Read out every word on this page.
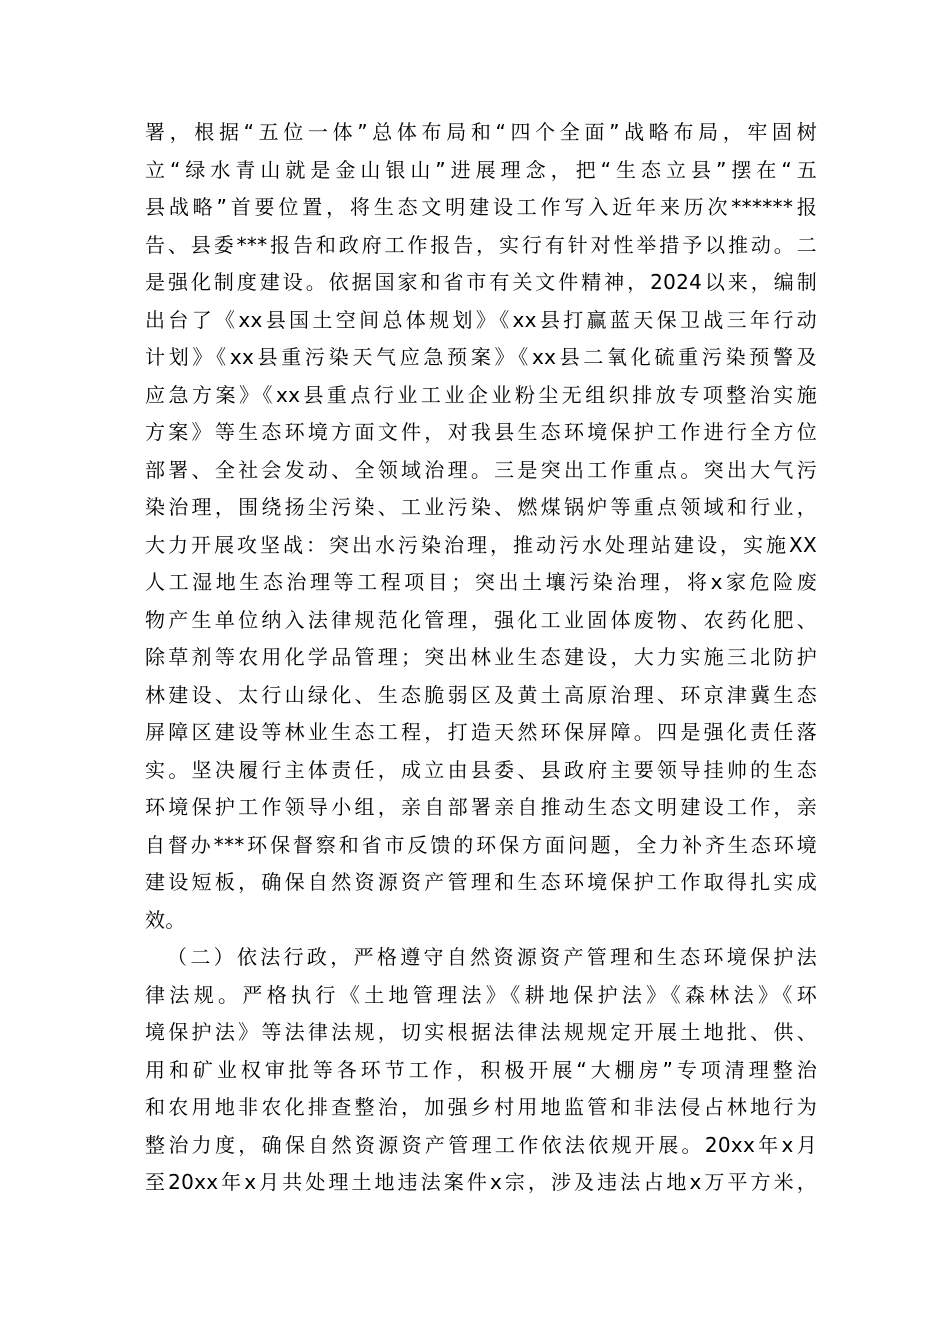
署，根据“五位一体”总体布局和“四个全面”战略布局，牢固树
立“绿水青山就是金山银山”进展理念，把“生态立县”摆在“五
县战略”首要位置，将生态文明建设工作写入近年来历次******报
告、县委***报告和政府工作报告，实行有针对性举措予以推动。二
是强化制度建设。依据国家和省市有关文件精神，2024以来，编制
出台了《xx县国土空间总体规划》《xx县打赢蓝天保卫战三年行动
计划》《xx县重污染天气应急预案》《xx县二氧化硫重污染预警及
应急方案》《xx县重点行业工业企业粉尘无组织排放专项整治实施
方案》等生态环境方面文件，对我县生态环境保护工作进行全方位
部署、全社会发动、全领域治理。三是突出工作重点。突出大气污
染治理，围绕扬尘污染、工业污染、燃煤锅炉等重点领域和行业，
大力开展攻坚战：突出水污染治理，推动污水处理站建设，实施XX
人工湿地生态治理等工程项目；突出土壤污染治理，将x家危险废
物产生单位纳入法律规范化管理，强化工业固体废物、农药化肥、
除草剂等农用化学品管理；突出林业生态建设，大力实施三北防护
林建设、太行山绿化、生态脆弱区及黄土高原治理、环京津冀生态
屏障区建设等林业生态工程，打造天然环保屏障。四是强化责任落
实。坚决履行主体责任，成立由县委、县政府主要领导挂帅的生态
环境保护工作领导小组，亲自部署亲自推动生态文明建设工作，亲
自督办***环保督察和省市反馈的环保方面问题，全力补齐生态环境
建设短板，确保自然资源资产管理和生态环境保护工作取得扎实成
效。
（二）依法行政，严格遵守自然资源资产管理和生态环境保护法
律法规。严格执行《土地管理法》《耕地保护法》《森林法》《环
境保护法》等法律法规，切实根据法律法规规定开展土地批、供、
用和矿业权审批等各环节工作，积极开展“大棚房”专项清理整治
和农用地非农化排查整治，加强乡村用地监管和非法侵占林地行为
整治力度，确保自然资源资产管理工作依法依规开展。20xx年x月
至20xx年x月共处理土地违法案件x宗，涉及违法占地x万平方米，
